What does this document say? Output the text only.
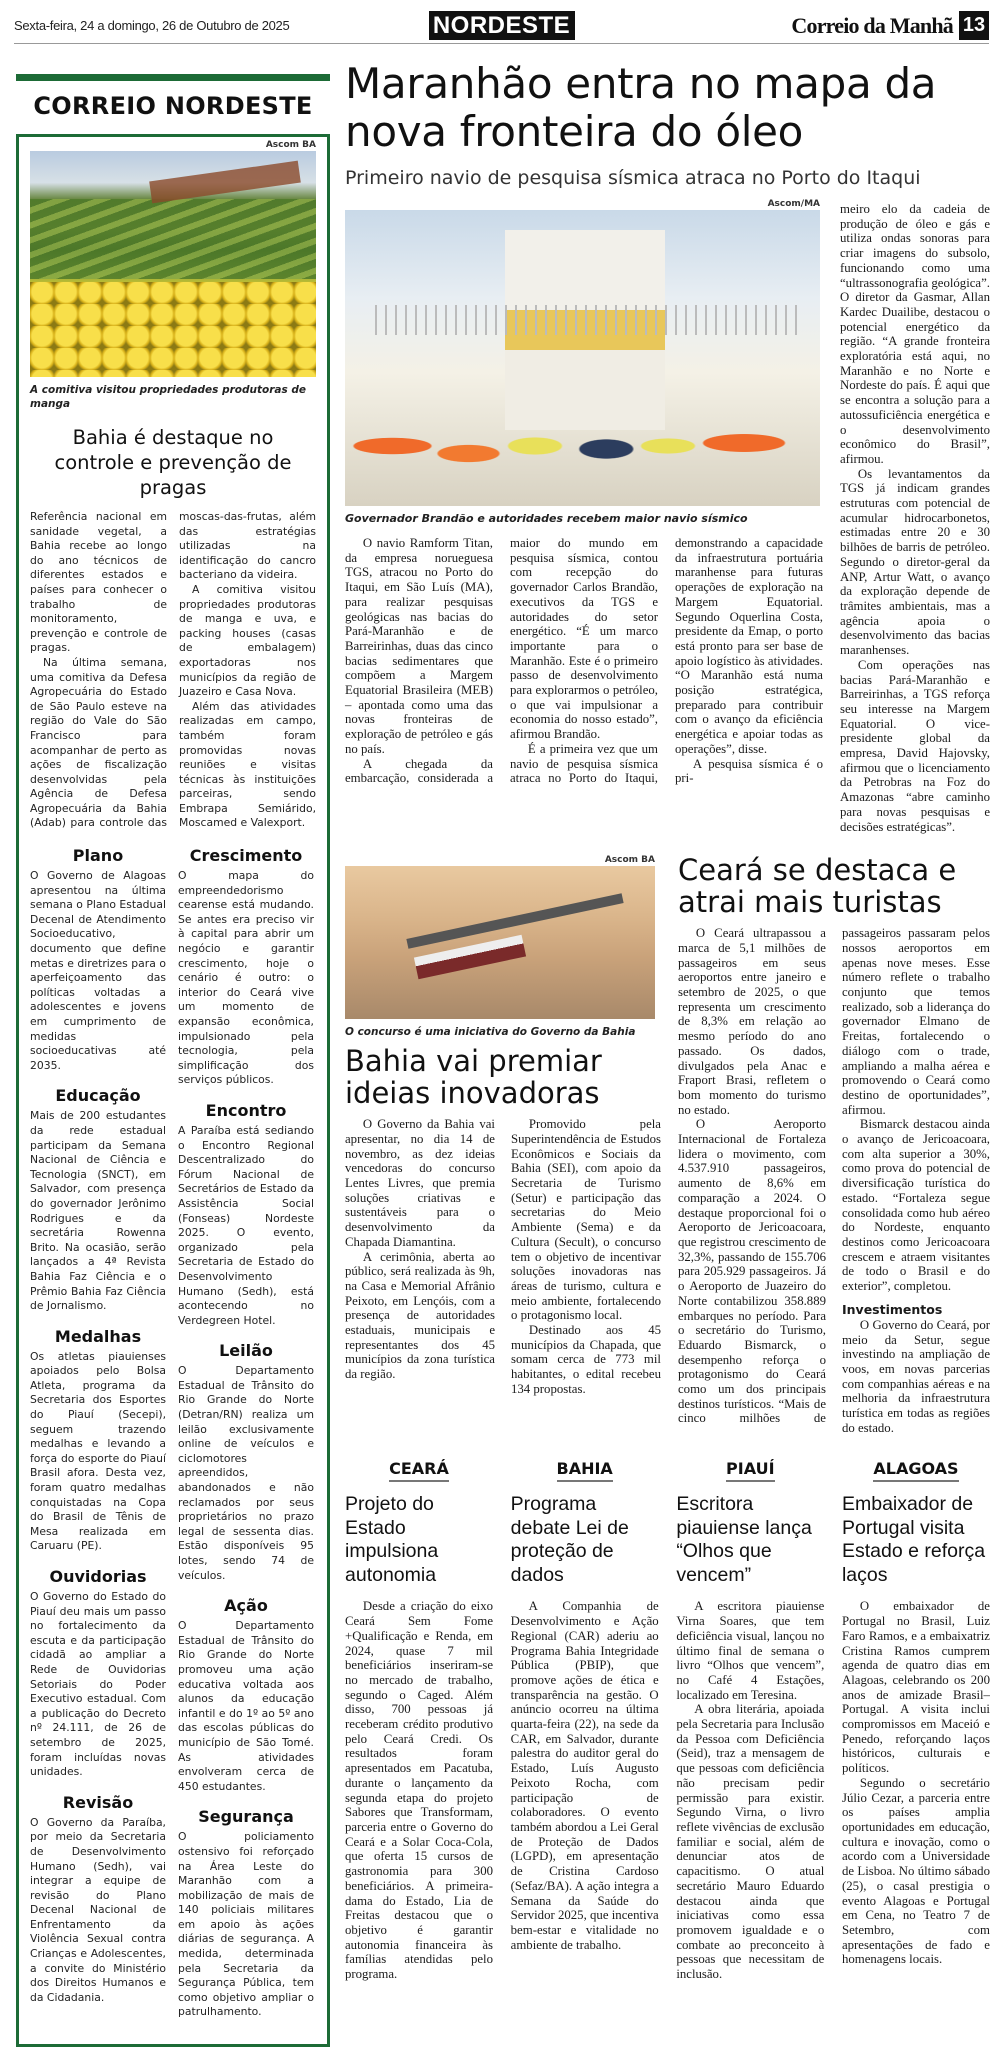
Sexta-feira, 24 a domingo, 26 de Outubro de 2025	NORDESTE	Correio da Manhã 13
CORREIO NORDESTE
Ascom BA
A comitiva visitou propriedades produtoras de manga
Bahia é destaque no controle e prevenção de pragas

Referência nacional em sanidade vegetal, a Bahia recebe ao longo do ano técnicos de diferentes estados e países para conhecer o trabalho de monitoramento, prevenção e controle de pragas.

Na última semana, uma comitiva da Defesa Agropecuária do Estado de São Paulo esteve na região do Vale do São Francisco para acompanhar de perto as ações de fiscalização desenvolvidas pela Agência de Defesa Agropecuária da Bahia (Adab) para controle das moscas-das-frutas, além das estratégias utilizadas na identificação do cancro bacteriano da videira.

A comitiva visitou propriedades produtoras de manga e uva, e packing houses (casas de embalagem) exportadoras nos municípios da região de Juazeiro e Casa Nova.

Além das atividades realizadas em campo, também foram promovidas novas reuniões e visitas técnicas às instituições parceiras, sendo Embrapa Semiárido, Moscamed e Valexport.

Plano

O Governo de Alagoas apresentou na última semana o Plano Estadual Decenal de Atendimento Socioeducativo, documento que define metas e diretrizes para o aperfeiçoamento das políticas voltadas a adolescentes e jovens em cumprimento de medidas socioeducativas até 2035.

Educação

Mais de 200 estudantes da rede estadual participam da Semana Nacional de Ciência e Tecnologia (SNCT), em Salvador, com presença do governador Jerônimo Rodrigues e da secretária Rowenna Brito. Na ocasião, serão lançados a 4ª Revista Bahia Faz Ciência e o Prêmio Bahia Faz Ciência de Jornalismo.

Medalhas

Os atletas piauienses apoiados pelo Bolsa Atleta, programa da Secretaria dos Esportes do Piauí (Secepi), seguem trazendo medalhas e levando a força do esporte do Piauí Brasil afora. Desta vez, foram quatro medalhas conquistadas na Copa do Brasil de Tênis de Mesa realizada em Caruaru (PE).

Ouvidorias

O Governo do Estado do Piauí deu mais um passo no fortalecimento da escuta e da participação cidadã ao ampliar a Rede de Ouvidorias Setoriais do Poder Executivo estadual. Com a publicação do Decreto nº 24.111, de 26 de setembro de 2025, foram incluídas novas unidades.

Revisão

O Governo da Paraíba, por meio da Secretaria de Desenvolvimento Humano (Sedh), vai integrar a equipe de revisão do Plano Decenal Nacional de Enfrentamento da Violência Sexual contra Crianças e Adolescentes, a convite do Ministério dos Direitos Humanos e da Cidadania.

Crescimento

O mapa do empreendedorismo cearense está mudando. Se antes era preciso vir à capital para abrir um negócio e garantir crescimento, hoje o cenário é outro: o interior do Ceará vive um momento de expansão econômica, impulsionado pela tecnologia, pela simplificação dos serviços públicos.

Encontro

A Paraíba está sediando o Encontro Regional Descentralizado do Fórum Nacional de Secretários de Estado da Assistência Social (Fonseas) Nordeste 2025. O evento, organizado pela Secretaria de Estado do Desenvolvimento Humano (Sedh), está acontecendo no Verdegreen Hotel.

Leilão

O Departamento Estadual de Trânsito do Rio Grande do Norte (Detran/RN) realiza um leilão exclusivamente online de veículos e ciclomotores apreendidos, abandonados e não reclamados por seus proprietários no prazo legal de sessenta dias. Estão disponíveis 95 lotes, sendo 74 de veículos.

Ação

O Departamento Estadual de Trânsito do Rio Grande do Norte promoveu uma ação educativa voltada aos alunos da educação infantil e do 1º ao 5º ano das escolas públicas do município de São Tomé. As atividades envolveram cerca de 450 estudantes.

Segurança

O policiamento ostensivo foi reforçado na Área Leste do Maranhão com a mobilização de mais de 140 policiais militares em apoio às ações diárias de segurança. A medida, determinada pela Secretaria da Segurança Pública, tem como objetivo ampliar o patrulhamento.

Maranhão entra no mapa da nova fronteira do óleo
Primeiro navio de pesquisa sísmica atraca no Porto do Itaqui
Ascom/MA
Governador Brandão e autoridades recebem maior navio sísmico

O navio Ramform Titan, da empresa norueguesa TGS, atracou no Porto do Itaqui, em São Luís (MA), para realizar pesquisas geológicas nas bacias do Pará-Maranhão e de Barreirinhas, duas das cinco bacias sedimentares que compõem a Margem Equatorial Brasileira (MEB) – apontada como uma das novas fronteiras de exploração de petróleo e gás no país.

A chegada da embarcação, considerada a maior do mundo em pesquisa sísmica, contou com recepção do governador Carlos Brandão, executivos da TGS e autoridades do setor energético. “É um marco importante para o Maranhão. Este é o primeiro passo de desenvolvimento para explorarmos o petróleo, o que vai impulsionar a economia do nosso estado”, afirmou Brandão.

É a primeira vez que um navio de pesquisa sísmica atraca no Porto do Itaqui, demonstrando a capacidade da infraestrutura portuária maranhense para futuras operações de exploração na Margem Equatorial. Segundo Oquerlina Costa, presidente da Emap, o porto está pronto para ser base de apoio logístico às atividades. “O Maranhão está numa posição estratégica, preparado para contribuir com o avanço da eficiência energética e apoiar todas as operações”, disse.

A pesquisa sísmica é o pri-

meiro elo da cadeia de produção de óleo e gás e utiliza ondas sonoras para criar imagens do subsolo, funcionando como uma “ultrassonografia geológica”. O diretor da Gasmar, Allan Kardec Duailibe, destacou o potencial energético da região. “A grande fronteira exploratória está aqui, no Maranhão e no Norte e Nordeste do país. É aqui que se encontra a solução para a autossuficiência energética e o desenvolvimento econômico do Brasil”, afirmou.

Os levantamentos da TGS já indicam grandes estruturas com potencial de acumular hidrocarbonetos, estimadas entre 20 e 30 bilhões de barris de petróleo. Segundo o diretor-geral da ANP, Artur Watt, o avanço da exploração depende de trâmites ambientais, mas a agência apoia o desenvolvimento das bacias maranhenses.

Com operações nas bacias Pará-Maranhão e Barreirinhas, a TGS reforça seu interesse na Margem Equatorial. O vice-presidente global da empresa, David Hajovsky, afirmou que o licenciamento da Petrobras na Foz do Amazonas “abre caminho para novas pesquisas e decisões estratégicas”.

Ascom BA
O concurso é uma iniciativa do Governo da Bahia
Bahia vai premiar ideias inovadoras

O Governo da Bahia vai apresentar, no dia 14 de novembro, as dez ideias vencedoras do concurso Lentes Livres, que premia soluções criativas e sustentáveis para o desenvolvimento da Chapada Diamantina.

A cerimônia, aberta ao público, será realizada às 9h, na Casa e Memorial Afrânio Peixoto, em Lençóis, com a presença de autoridades estaduais, municipais e representantes dos 45 municípios da zona turística da região.

Promovido pela Superintendência de Estudos Econômicos e Sociais da Bahia (SEI), com apoio da Secretaria de Turismo (Setur) e participação das secretarias do Meio Ambiente (Sema) e da Cultura (Secult), o concurso tem o objetivo de incentivar soluções inovadoras nas áreas de turismo, cultura e meio ambiente, fortalecendo o protagonismo local.

Destinado aos 45 municípios da Chapada, que somam cerca de 773 mil habitantes, o edital recebeu 134 propostas.

Ceará se destaca e atrai mais turistas

O Ceará ultrapassou a marca de 5,1 milhões de passageiros em seus aeroportos entre janeiro e setembro de 2025, o que representa um crescimento de 8,3% em relação ao mesmo período do ano passado. Os dados, divulgados pela Anac e Fraport Brasi, refletem o bom momento do turismo no estado.

O Aeroporto Internacional de Fortaleza lidera o movimento, com 4.537.910 passageiros, aumento de 8,6% em comparação a 2024. O destaque proporcional foi o Aeroporto de Jericoacoara, que registrou crescimento de 32,3%, passando de 155.706 para 205.929 passageiros. Já o Aeroporto de Juazeiro do Norte contabilizou 358.889 embarques no período. Para o secretário do Turismo, Eduardo Bismarck, o desempenho reforça o protagonismo do Ceará como um dos principais destinos turísticos. “Mais de cinco milhões de passageiros passaram pelos nossos aeroportos em apenas nove meses. Esse número reflete o trabalho conjunto que temos realizado, sob a liderança do governador Elmano de Freitas, fortalecendo o diálogo com o trade, ampliando a malha aérea e promovendo o Ceará como destino de oportunidades”, afirmou.

Bismarck destacou ainda o avanço de Jericoacoara, com alta superior a 30%, como prova do potencial de diversificação turística do estado. “Fortaleza segue consolidada como hub aéreo do Nordeste, enquanto destinos como Jericoacoara crescem e atraem visitantes de todo o Brasil e do exterior”, completou.

Investimentos

O Governo do Ceará, por meio da Setur, segue investindo na ampliação de voos, em novas parcerias com companhias aéreas e na melhoria da infraestrutura turística em todas as regiões do estado.

CEARÁ
Projeto do Estado impulsiona autonomia

Desde a criação do eixo Ceará Sem Fome +Qualificação e Renda, em 2024, quase 7 mil beneficiários inseriram-se no mercado de trabalho, segundo o Caged. Além disso, 700 pessoas já receberam crédito produtivo pelo Ceará Credi. Os resultados foram apresentados em Pacatuba, durante o lançamento da segunda etapa do projeto Sabores que Transformam, parceria entre o Governo do Ceará e a Solar Coca-Cola, que oferta 15 cursos de gastronomia para 300 beneficiários. A primeira-dama do Estado, Lia de Freitas destacou que o objetivo é garantir autonomia financeira às famílias atendidas pelo programa.

BAHIA
Programa debate Lei de proteção de dados

A Companhia de Desenvolvimento e Ação Regional (CAR) aderiu ao Programa Bahia Integridade Pública (PBIP), que promove ações de ética e transparência na gestão. O anúncio ocorreu na última quarta-feira (22), na sede da CAR, em Salvador, durante palestra do auditor geral do Estado, Luís Augusto Peixoto Rocha, com participação de colaboradores. O evento também abordou a Lei Geral de Proteção de Dados (LGPD), em apresentação de Cristina Cardoso (Sefaz/BA). A ação integra a Semana da Saúde do Servidor 2025, que incentiva bem-estar e vitalidade no ambiente de trabalho.

PIAUÍ
Escritora piauiense lança “Olhos que vencem”

A escritora piauiense Virna Soares, que tem deficiência visual, lançou no último final de semana o livro “Olhos que vencem”, no Café 4 Estações, localizado em Teresina.

A obra literária, apoiada pela Secretaria para Inclusão da Pessoa com Deficiência (Seid), traz a mensagem de que pessoas com deficiência não precisam pedir permissão para existir. Segundo Virna, o livro reflete vivências de exclusão familiar e social, além de denunciar atos de capacitismo. O atual secretário Mauro Eduardo destacou ainda que iniciativas como essa promovem igualdade e o combate ao preconceito à pessoas que necessitam de inclusão.

ALAGOAS
Embaixador de Portugal visita Estado e reforça laços

O embaixador de Portugal no Brasil, Luiz Faro Ramos, e a embaixatriz Cristina Ramos cumprem agenda de quatro dias em Alagoas, celebrando os 200 anos de amizade Brasil–Portugal. A visita inclui compromissos em Maceió e Penedo, reforçando laços históricos, culturais e políticos.

Segundo o secretário Júlio Cezar, a parceria entre os países amplia oportunidades em educação, cultura e inovação, como o acordo com a Universidade de Lisboa. No último sábado (25), o casal prestigia o evento Alagoas e Portugal em Cena, no Teatro 7 de Setembro, com apresentações de fado e homenagens locais.
